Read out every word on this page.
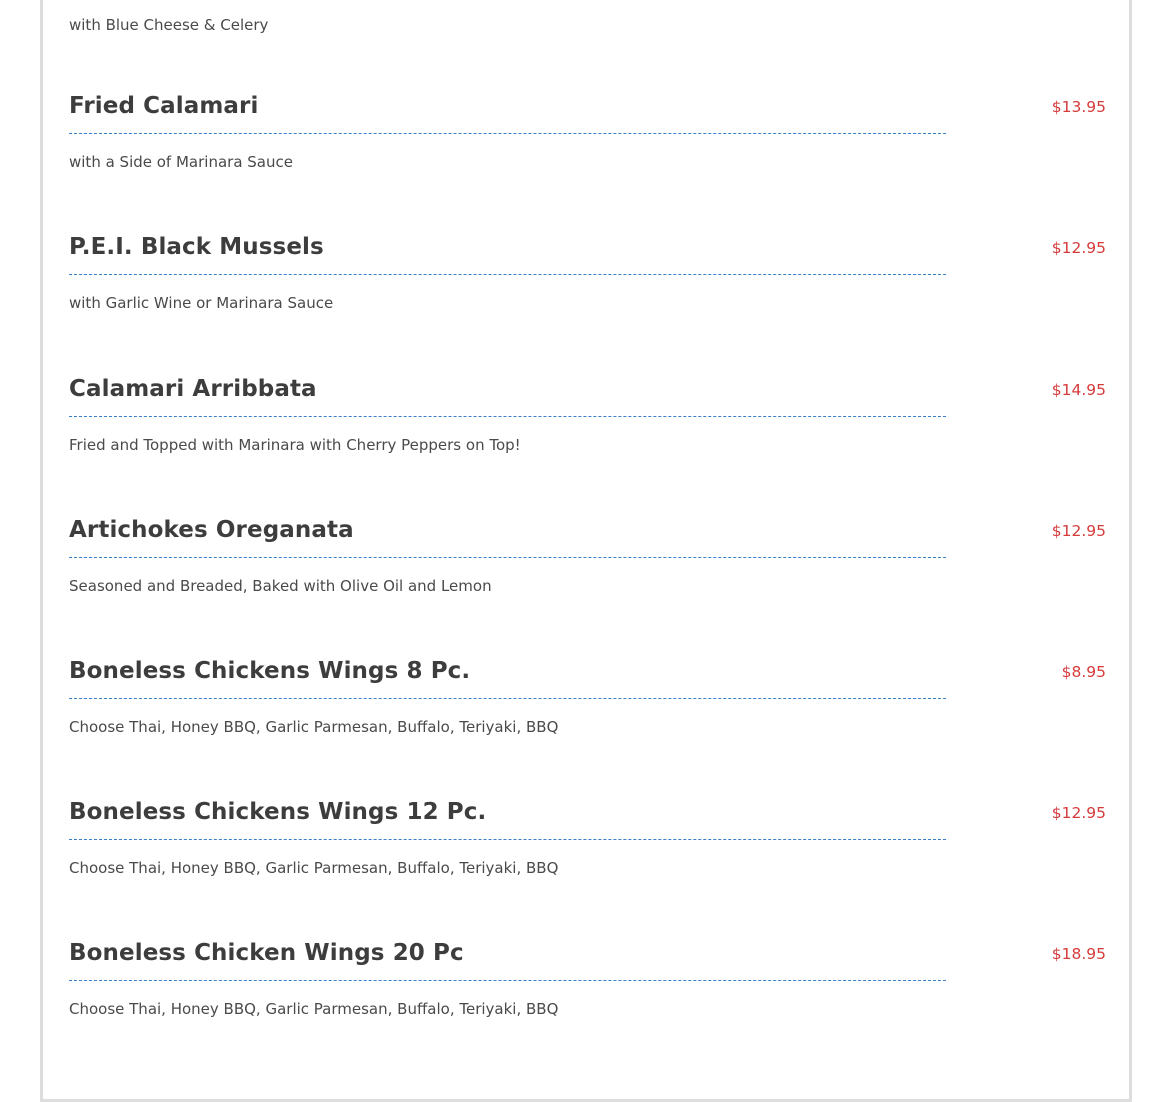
with Blue Cheese & Celery
Fried Calamari	$13.95
with a Side of Marinara Sauce
P.E.I. Black Mussels	$12.95
with Garlic Wine or Marinara Sauce
Calamari Arribbata	$14.95
Fried and Topped with Marinara with Cherry Peppers on Top!
Artichokes Oreganata	$12.95
Seasoned and Breaded, Baked with Olive Oil and Lemon
Boneless Chickens Wings 8 Pc.	$8.95
Choose Thai, Honey BBQ, Garlic Parmesan, Buffalo, Teriyaki, BBQ
Boneless Chickens Wings 12 Pc.	$12.95
Choose Thai, Honey BBQ, Garlic Parmesan, Buffalo, Teriyaki, BBQ
Boneless Chicken Wings 20 Pc	$18.95
Choose Thai, Honey BBQ, Garlic Parmesan, Buffalo, Teriyaki, BBQ
